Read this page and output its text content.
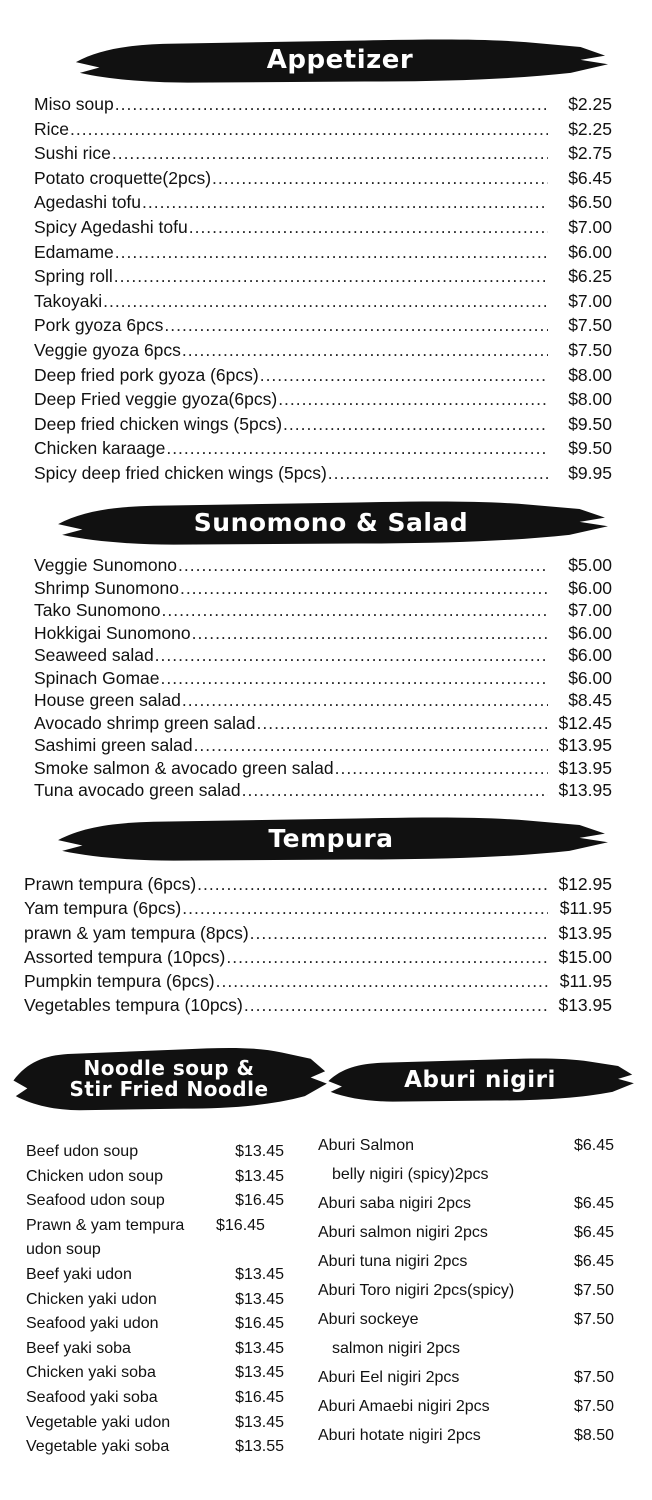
Appetizer
Miso soup .....	$2.25
Rice .....	$2.25
Sushi rice .....	$2.75
Potato croquette(2pcs) .....	$6.45
Agedashi tofu .....	$6.50
Spicy Agedashi tofu .....	$7.00
Edamame .....	$6.00
Spring roll .....	$6.25
Takoyaki .....	$7.00
Pork gyoza 6pcs .....	$7.50
Veggie gyoza 6pcs .....	$7.50
Deep fried pork gyoza (6pcs) .....	$8.00
Deep Fried veggie gyoza(6pcs) .....	$8.00
Deep fried chicken wings (5pcs) .....	$9.50
Chicken karaage .....	$9.50
Spicy deep fried chicken wings (5pcs) .....	$9.95
Sunomono & Salad
Veggie Sunomono .....	$5.00
Shrimp Sunomono .....	$6.00
Tako Sunomono .....	$7.00
Hokkigai Sunomono .....	$6.00
Seaweed salad .....	$6.00
Spinach Gomae .....	$6.00
House green salad .....	$8.45
Avocado shrimp green salad .....	$12.45
Sashimi green salad .....	$13.95
Smoke salmon & avocado green salad .....	$13.95
Tuna avocado green salad .....	$13.95
Tempura
Prawn tempura (6pcs) .....	$12.95
Yam tempura (6pcs) .....	$11.95
prawn & yam tempura (8pcs) .....	$13.95
Assorted tempura (10pcs) .....	$15.00
Pumpkin tempura (6pcs) .....	$11.95
Vegetables tempura (10pcs) .....	$13.95
Noodle soup &
Stir Fried Noodle	Aburi nigiri
Beef udon soup	$13.45
Chicken udon soup	$13.45
Seafood udon soup	$16.45
Prawn & yam tempura udon soup
$16.45
Beef yaki udon	$13.45
Chicken yaki udon	$13.45
Seafood yaki udon	$16.45
Beef yaki soba	$13.45
Chicken yaki soba	$13.45
Seafood yaki soba	$16.45
Vegetable yaki udon	$13.45
Vegetable yaki soba	$13.55
Aburi Salmon	$6.45
belly nigiri (spicy)2pcs
Aburi saba nigiri 2pcs	$6.45
Aburi salmon nigiri 2pcs	$6.45
Aburi tuna nigiri 2pcs	$6.45
Aburi Toro nigiri 2pcs(spicy)	$7.50
Aburi sockeye	$7.50
salmon nigiri 2pcs
Aburi Eel nigiri 2pcs	$7.50
Aburi Amaebi nigiri 2pcs	$7.50
Aburi hotate nigiri 2pcs	$8.50
